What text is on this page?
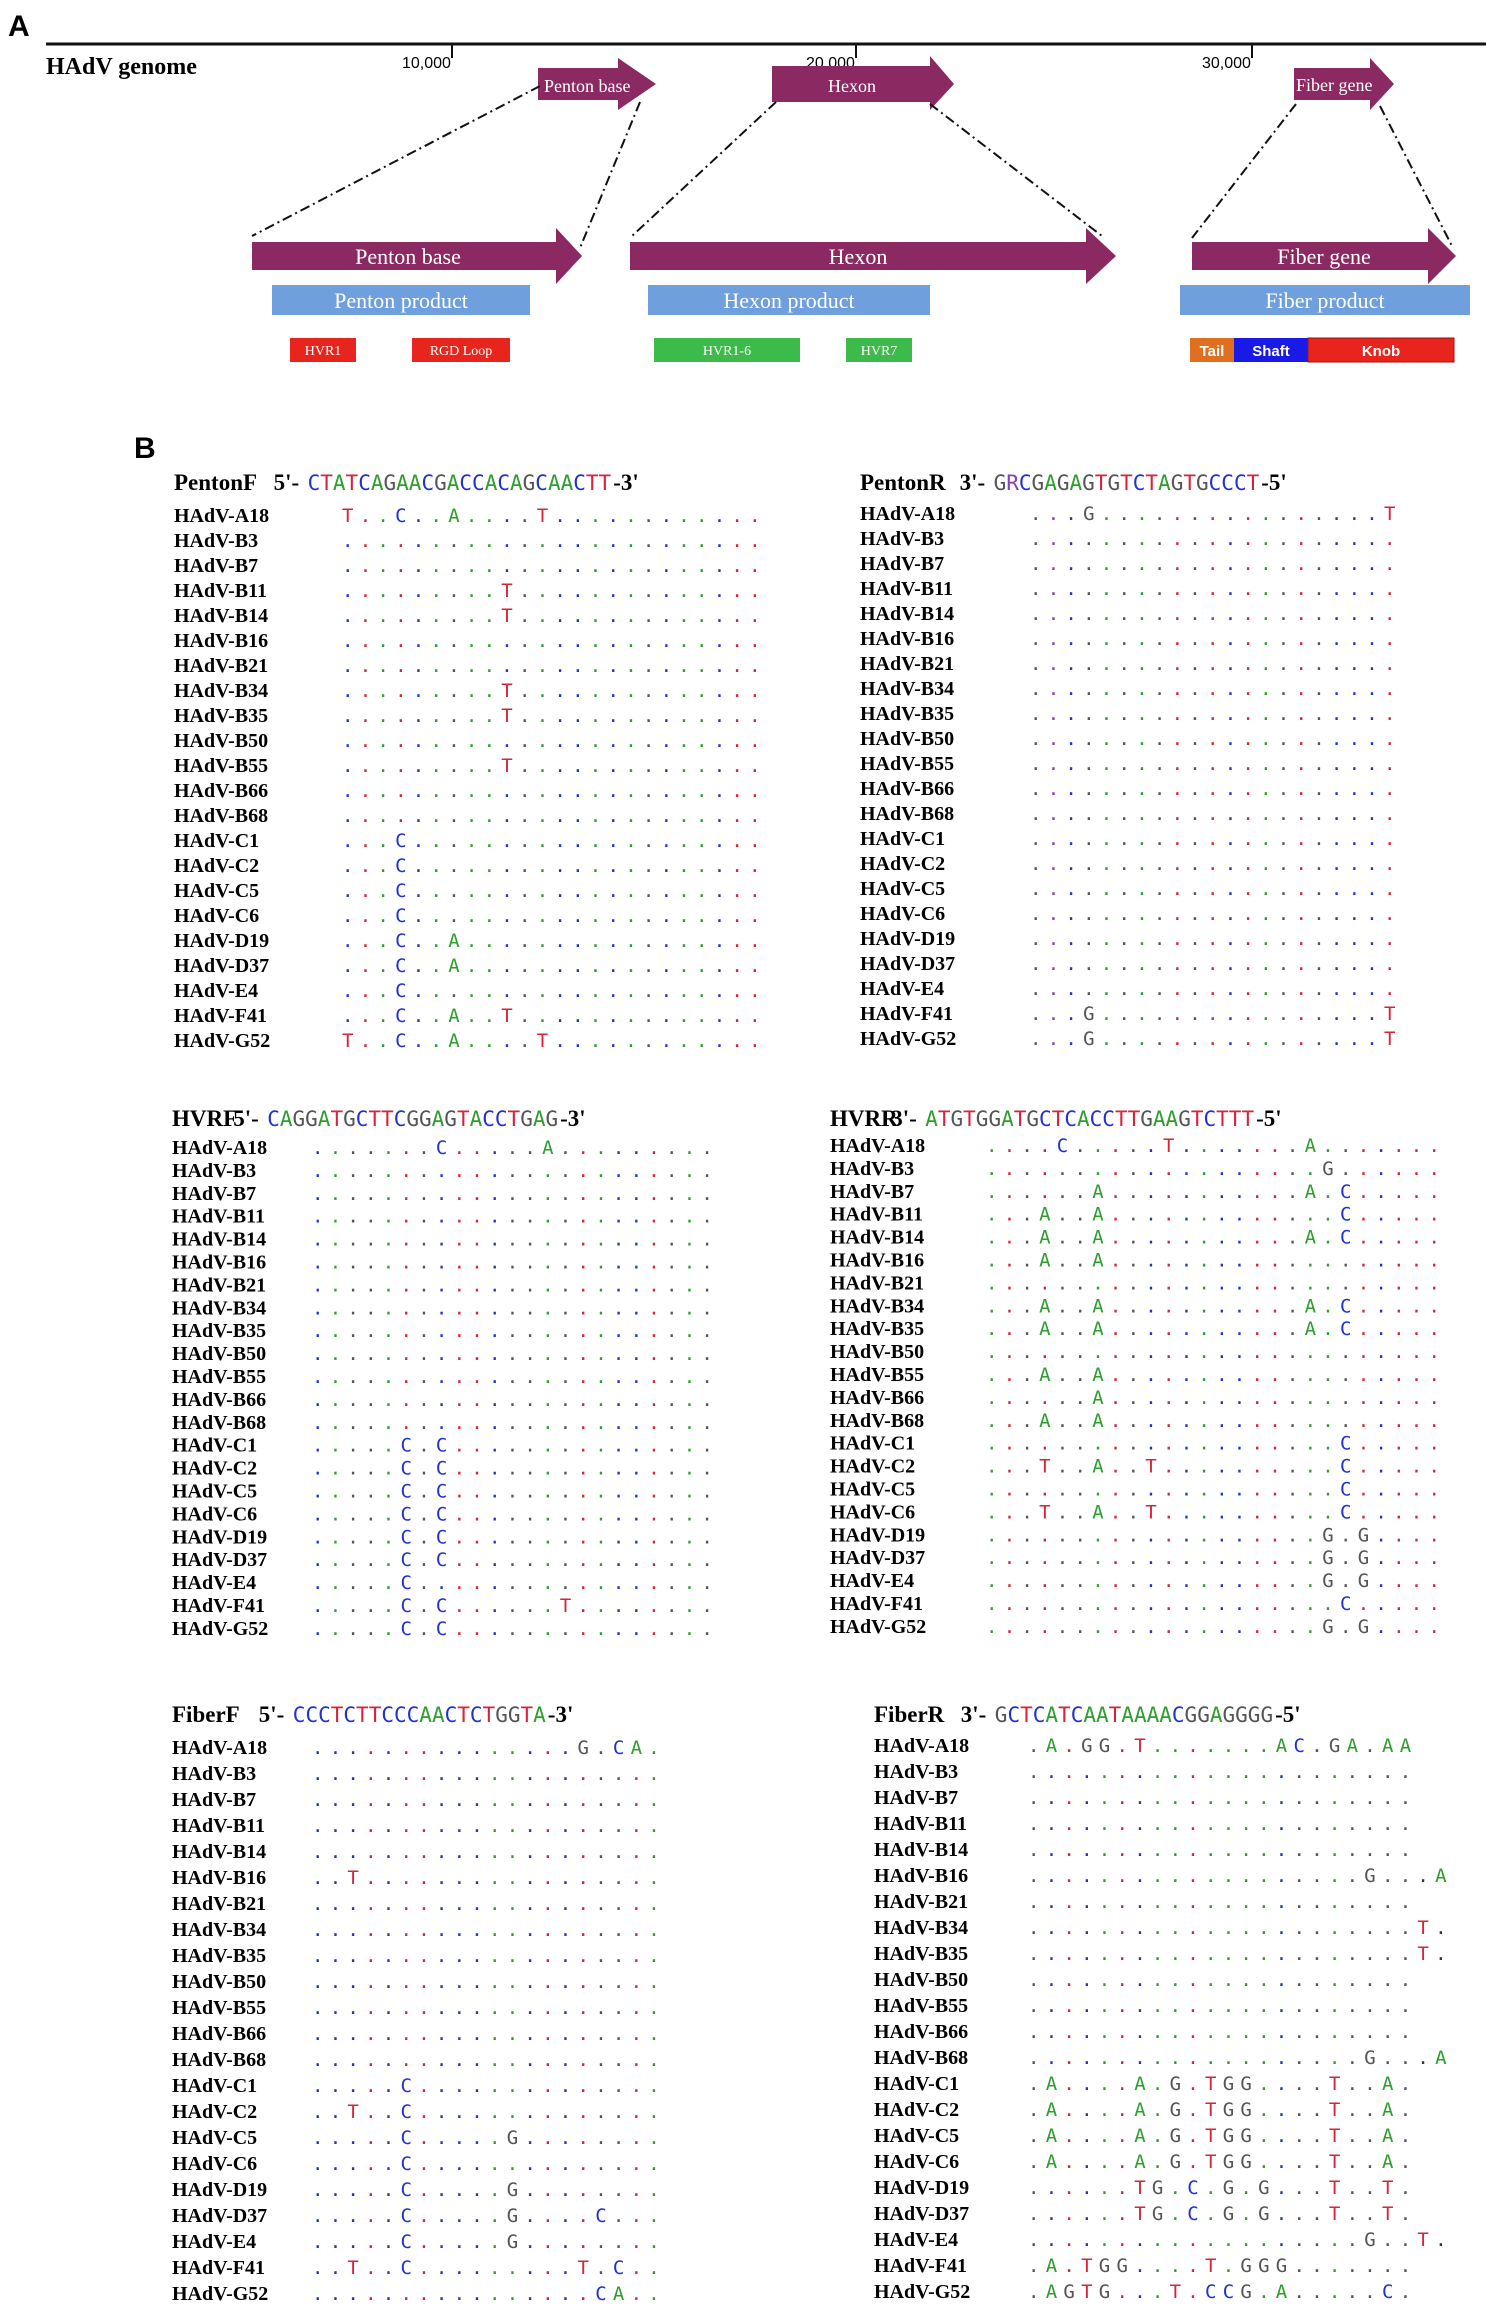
A
HAdV genome	10,000	20,000	30,000
Penton base	Hexon	Fiber gene
Penton base	Hexon	Fiber gene
Penton product	Hexon product	Fiber product
HVR1	RGD Loop	HVR1-6	HVR7	Tail Shaft	Knob
B
PentonF 5'- CTATCAGAACGACCACAGCAACTT -3'
HAdV-A18	T . . C . . A . . . . T . . . . . . . . . . . .
HAdV-B3	. . . . . . . . . . . . . . . . . . . . . . . .
HAdV-B7	. . . . . . . . . . . . . . . . . . . . . . . .
HAdV-B11	. . . . . . . . . T . . . . . . . . . . . . . .
HAdV-B14	. . . . . . . . . T . . . . . . . . . . . . . .
HAdV-B16	. . . . . . . . . . . . . . . . . . . . . . . .
HAdV-B21	. . . . . . . . . . . . . . . . . . . . . . . .
HAdV-B34	. . . . . . . . . T . . . . . . . . . . . . . .
HAdV-B35	. . . . . . . . . T . . . . . . . . . . . . . .
HAdV-B50	. . . . . . . . . . . . . . . . . . . . . . . .
HAdV-B55	. . . . . . . . . T . . . . . . . . . . . . . .
HAdV-B66	. . . . . . . . . . . . . . . . . . . . . . . .
HAdV-B68	. . . . . . . . . . . . . . . . . . . . . . . .
HAdV-C1	. . . C . . . . . . . . . . . . . . . . . . . .
HAdV-C2	. . . C . . . . . . . . . . . . . . . . . . . .
HAdV-C5	. . . C . . . . . . . . . . . . . . . . . . . .
HAdV-C6	. . . C . . . . . . . . . . . . . . . . . . . .
HAdV-D19	. . . C . . A . . . . . . . . . . . . . . . . .
HAdV-D37	. . . C . . A . . . . . . . . . . . . . . . . .
HAdV-E4	. . . C . . . . . . . . . . . . . . . . . . . .
HAdV-F41	. . . C . . A . . T . . . . . . . . . . . . . .
HAdV-G52	T . . C . . A . . . . T . . . . . . . . . . . .
PentonR 3'- GRCGAGAGTGTCTAGTGCCCT -5'
HAdV-A18	. . . G . . . . . . . . . . . . . . . . T
HAdV-B3	. . . . . . . . . . . . . . . . . . . . .
HAdV-B7	. . . . . . . . . . . . . . . . . . . . .
HAdV-B11	. . . . . . . . . . . . . . . . . . . . .
HAdV-B14	. . . . . . . . . . . . . . . . . . . . .
HAdV-B16	. . . . . . . . . . . . . . . . . . . . .
HAdV-B21	. . . . . . . . . . . . . . . . . . . . .
HAdV-B34	. . . . . . . . . . . . . . . . . . . . .
HAdV-B35	. . . . . . . . . . . . . . . . . . . . .
HAdV-B50	. . . . . . . . . . . . . . . . . . . . .
HAdV-B55	. . . . . . . . . . . . . . . . . . . . .
HAdV-B66	. . . . . . . . . . . . . . . . . . . . .
HAdV-B68	. . . . . . . . . . . . . . . . . . . . .
HAdV-C1	. . . . . . . . . . . . . . . . . . . . .
HAdV-C2	. . . . . . . . . . . . . . . . . . . . .
HAdV-C5	. . . . . . . . . . . . . . . . . . . . .
HAdV-C6	. . . . . . . . . . . . . . . . . . . . .
HAdV-D19	. . . . . . . . . . . . . . . . . . . . .
HAdV-D37	. . . . . . . . . . . . . . . . . . . . .
HAdV-E4	. . . . . . . . . . . . . . . . . . . . .
HAdV-F41	. . . G . . . . . . . . . . . . . . . . T
HAdV-G52	. . . G . . . . . . . . . . . . . . . . T
HVRF
5'- CAGGATGCTTCGGAGTACCTGAG -3'
HAdV-A18 . . . . . . . C . . . . . A . . . . . . . . .
HAdV-B3	. . . . . . . . . . . . . . . . . . . . . . .
HAdV-B7	. . . . . . . . . . . . . . . . . . . . . . .
HAdV-B11 . . . . . . . . . . . . . . . . . . . . . . .
HAdV-B14 . . . . . . . . . . . . . . . . . . . . . . .
HAdV-B16 . . . . . . . . . . . . . . . . . . . . . . .
HAdV-B21 . . . . . . . . . . . . . . . . . . . . . . .
HAdV-B34 . . . . . . . . . . . . . . . . . . . . . . .
HAdV-B35 . . . . . . . . . . . . . . . . . . . . . . .
HAdV-B50 . . . . . . . . . . . . . . . . . . . . . . .
HAdV-B55 . . . . . . . . . . . . . . . . . . . . . . .
HAdV-B66 . . . . . . . . . . . . . . . . . . . . . . .
HAdV-B68 . . . . . . . . . . . . . . . . . . . . . . .
HAdV-C1	. . . . . C . C . . . . . . . . . . . . . . .
HAdV-C2	. . . . . C . C . . . . . . . . . . . . . . .
HAdV-C5	. . . . . C . C . . . . . . . . . . . . . . .
HAdV-C6	. . . . . C . C . . . . . . . . . . . . . . .
HAdV-D19 . . . . . C . C . . . . . . . . . . . . . . .
HAdV-D37 . . . . . C . C . . . . . . . . . . . . . . .
HAdV-E4	. . . . . C . . . . . . . . . . . . . . . . .
HAdV-F41 . . . . . C . C . . . . . . T . . . . . . . .
HAdV-G52 . . . . . C . C . . . . . . . . . . . . . . .
HVRR
3'- ATGTGGATGCTCACCTTGAAGTCTTT -5'
HAdV-A18	. . . . C . . . . . T . . . . . . . A . . . . . . .
HAdV-B3	. . . . . . . . . . . . . . . . . . . G . . . . . .
HAdV-B7	. . . . . . A . . . . . . . . . . . A . C . . . . .
HAdV-B11	. . . A . . A . . . . . . . . . . . . . C . . . . .
HAdV-B14	. . . A . . A . . . . . . . . . . . A . C . . . . .
HAdV-B16	. . . A . . A . . . . . . . . . . . . . . . . . . .
HAdV-B21	. . . . . . . . . . . . . . . . . . . . . . . . . .
HAdV-B34	. . . A . . A . . . . . . . . . . . A . C . . . . .
HAdV-B35	. . . A . . A . . . . . . . . . . . A . C . . . . .
HAdV-B50	. . . . . . . . . . . . . . . . . . . . . . . . . .
HAdV-B55	. . . A . . A . . . . . . . . . . . . . . . . . . .
HAdV-B66	. . . . . . A . . . . . . . . . . . . . . . . . . .
HAdV-B68	. . . A . . A . . . . . . . . . . . . . . . . . . .
HAdV-C1	. . . . . . . . . . . . . . . . . . . . C . . . . .
HAdV-C2	. . . T . . A . . T . . . . . . . . . . C . . . . .
HAdV-C5	. . . . . . . . . . . . . . . . . . . . C . . . . .
HAdV-C6	. . . T . . A . . T . . . . . . . . . . C . . . . .
HAdV-D19	. . . . . . . . . . . . . . . . . . . G . G . . . .
HAdV-D37	. . . . . . . . . . . . . . . . . . . G . G . . . .
HAdV-E4	. . . . . . . . . . . . . . . . . . . G . G . . . .
HAdV-F41	. . . . . . . . . . . . . . . . . . . . C . . . . .
HAdV-G52	. . . . . . . . . . . . . . . . . . . G . G . . . .
FiberF 5'- CCCTCTTCCCAACTCTGGTA -3'
HAdV-A18 . . . . . . . . . . . . . . . G . C A .
HAdV-B3	. . . . . . . . . . . . . . . . . . . .
HAdV-B7	. . . . . . . . . . . . . . . . . . . .
HAdV-B11 . . . . . . . . . . . . . . . . . . . .
HAdV-B14 . . . . . . . . . . . . . . . . . . . .
HAdV-B16 . . T . . . . . . . . . . . . . . . . .
HAdV-B21 . . . . . . . . . . . . . . . . . . . .
HAdV-B34 . . . . . . . . . . . . . . . . . . . .
HAdV-B35 . . . . . . . . . . . . . . . . . . . .
HAdV-B50 . . . . . . . . . . . . . . . . . . . .
HAdV-B55 . . . . . . . . . . . . . . . . . . . .
HAdV-B66 . . . . . . . . . . . . . . . . . . . .
HAdV-B68 . . . . . . . . . . . . . . . . . . . .
HAdV-C1	. . . . . C . . . . . . . . . . . . . .
HAdV-C2	. . T . . C . . . . . . . . . . . . . .
HAdV-C5	. . . . . C . . . . . G . . . . . . . .
HAdV-C6	. . . . . C . . . . . . . . . . . . . .
HAdV-D19 . . . . . C . . . . . G . . . . . . . .
HAdV-D37 . . . . . C . . . . . G . . . . C . . .
HAdV-E4	. . . . . C . . . . . G . . . . . . . .
HAdV-F41 . . T . . C . . . . . . . . . T . C . .
HAdV-G52 . . . . . . . . . . . . . . . . C A . .
FiberR 3'- GCTCATCAATAAAACGGAGGGG -5'
HAdV-A18	. A . G G . T . . . . . . . A C . G A . A A
HAdV-B3	. . . . . . . . . . . . . . . . . . . . . .
HAdV-B7	. . . . . . . . . . . . . . . . . . . . . .
HAdV-B11	. . . . . . . . . . . . . . . . . . . . . .
HAdV-B14	. . . . . . . . . . . . . . . . . . . . . .
HAdV-B16	. . . . . . . . . . . . . . . . . . . G . . . A
HAdV-B21	. . . . . . . . . . . . . . . . . . . . . .
HAdV-B34	. . . . . . . . . . . . . . . . . . . . . . T .
HAdV-B35	. . . . . . . . . . . . . . . . . . . . . . T .
HAdV-B50	. . . . . . . . . . . . . . . . . . . . . .
HAdV-B55	. . . . . . . . . . . . . . . . . . . . . .
HAdV-B66	. . . . . . . . . . . . . . . . . . . . . .
HAdV-B68	. . . . . . . . . . . . . . . . . . . G . . . A
HAdV-C1	. A . . . . A . G . T G G . . . . T . . A .
HAdV-C2	. A . . . . A . G . T G G . . . . T . . A .
HAdV-C5	. A . . . . A . G . T G G . . . . T . . A .
HAdV-C6	. A . . . . A . G . T G G . . . . T . . A .
HAdV-D19	. . . . . . T G . C . G . G . . . T . . T .
HAdV-D37	. . . . . . T G . C . G . G . . . T . . T .
HAdV-E4	. . . . . . . . . . . . . . . . . . . G . . T .
HAdV-F41	. A . T G G . . . . T . G G G . . . . . . .
HAdV-G52	. A G T G . . . T . C C G . A . . . . . C .
